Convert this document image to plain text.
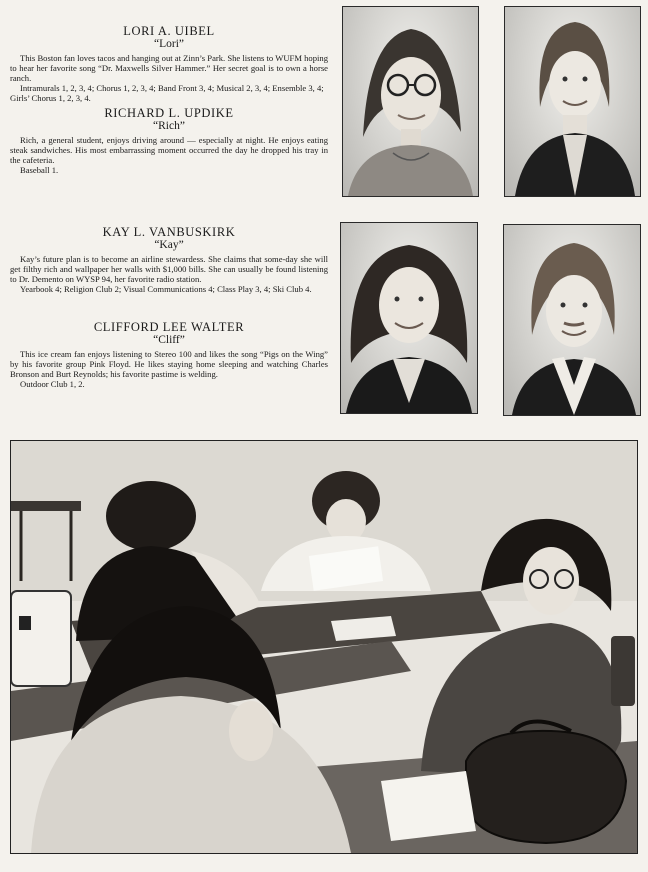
LORI A. UIBEL

“Lori”

This Boston fan loves tacos and hanging out at Zinn’s Park. She listens to WUFM hoping to hear her favorite song “Dr. Maxwells Silver Hammer.” Her secret goal is to own a horse ranch.

Intramurals 1, 2, 3, 4; Chorus 1, 2, 3, 4; Band Front 3, 4; Musical 2, 3, 4; Ensemble 3, 4; Girls’ Chorus 1, 2, 3, 4.

RICHARD L. UPDIKE

“Rich”

Rich, a general student, enjoys driving around — especially at night. He enjoys eating steak sandwiches. His most embarrassing moment occurred the day he dropped his tray in the cafeteria.

Baseball 1.

KAY L. VANBUSKIRK

“Kay”

Kay’s future plan is to become an airline stewardess. She claims that some-day she will get filthy rich and wallpaper her walls with $1,000 bills. She can usually be found listening to Dr. Demento on WYSP 94, her favorite radio station.

Yearbook 4; Religion Club 2; Visual Communications 4; Class Play 3, 4; Ski Club 4.

CLIFFORD LEE WALTER

“Cliff”

This ice cream fan enjoys listening to Stereo 100 and likes the song “Pigs on the Wing” by his favorite group Pink Floyd. He likes staying home sleeping and watching Charles Bronson and Burt Reynolds; his favorite pastime is welding.

Outdoor Club 1, 2.
